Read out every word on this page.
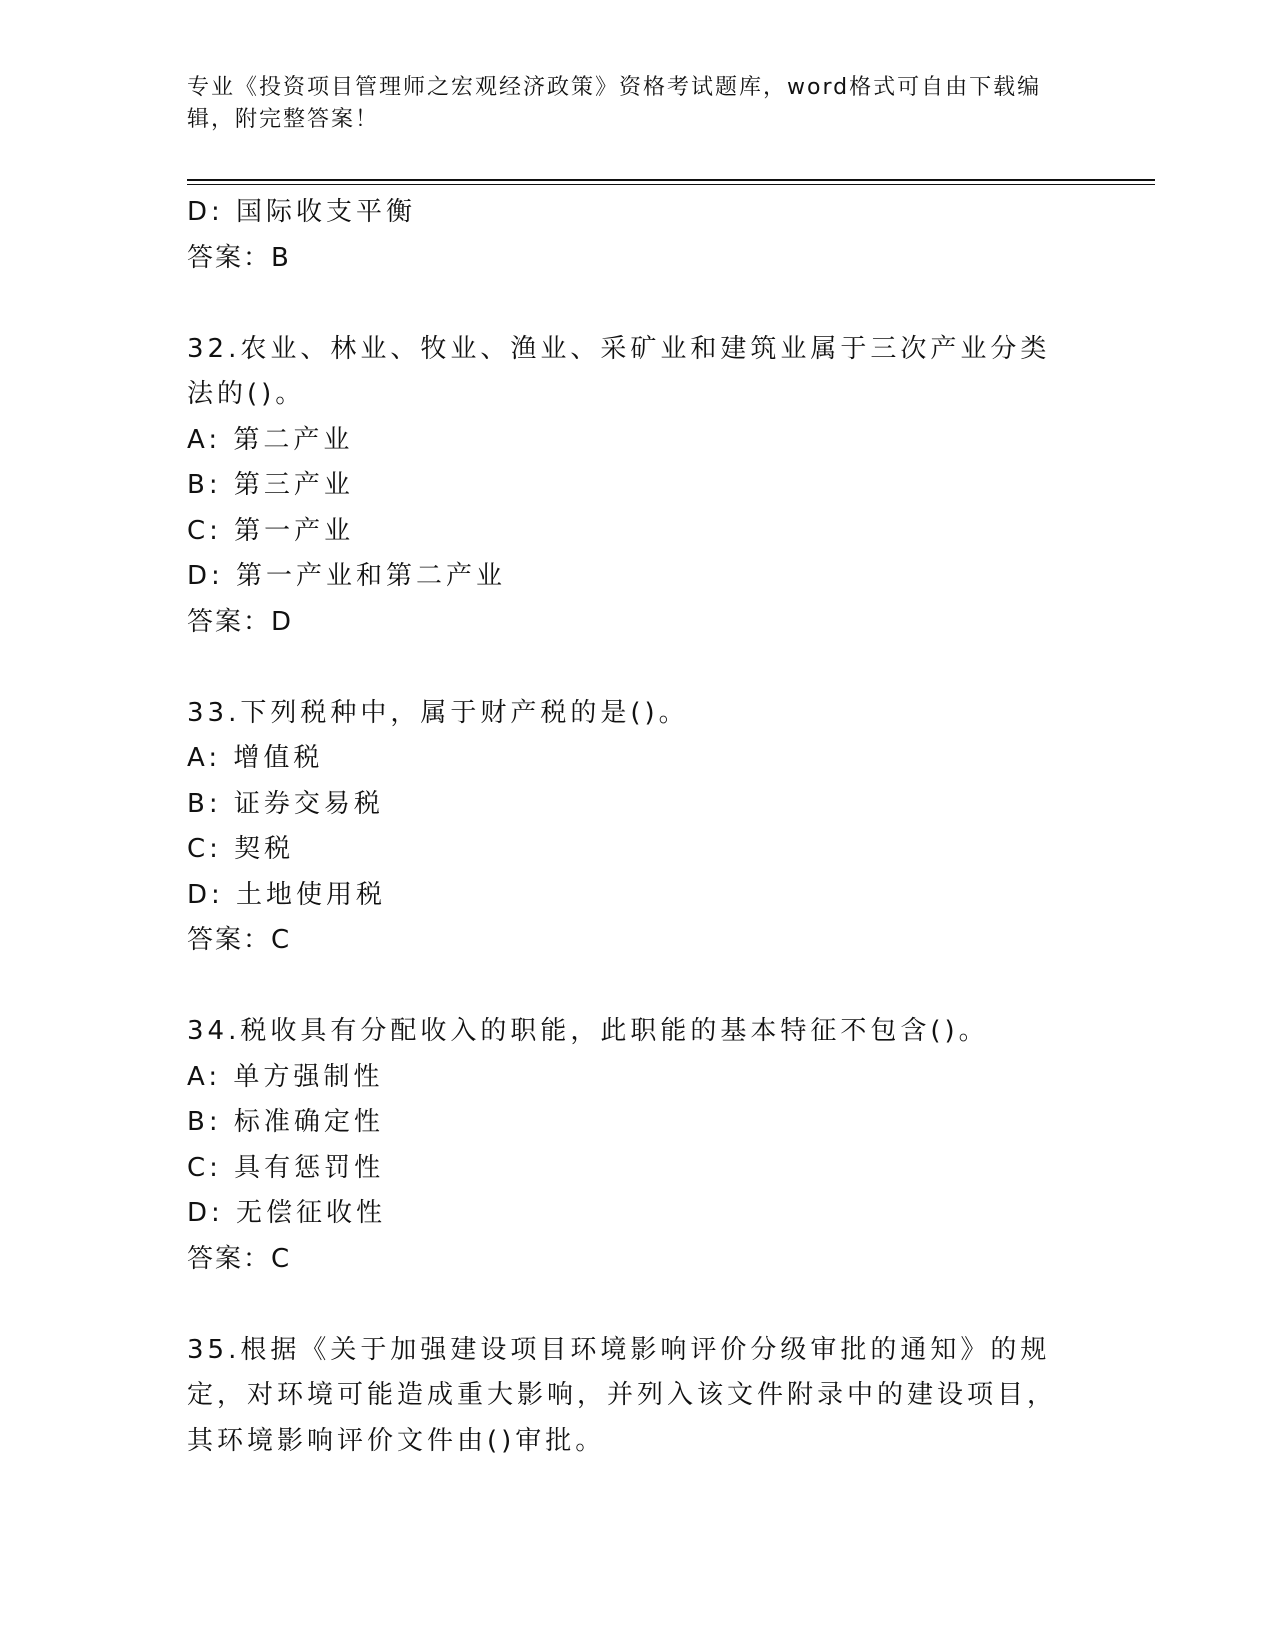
专业《投资项目管理师之宏观经济政策》资格考试题库，word格式可自由下载编辑，附完整答案！
D: 国际收支平衡
答案：B
32.农业、林业、牧业、渔业、采矿业和建筑业属于三次产业分类法的()。
A: 第二产业
B: 第三产业
C: 第一产业
D: 第一产业和第二产业
答案：D
33.下列税种中，属于财产税的是()。
A: 增值税
B: 证券交易税
C: 契税
D: 土地使用税
答案：C
34.税收具有分配收入的职能，此职能的基本特征不包含()。
A: 单方强制性
B: 标准确定性
C: 具有惩罚性
D: 无偿征收性
答案：C
35.根据《关于加强建设项目环境影响评价分级审批的通知》的规定，对环境可能造成重大影响，并列入该文件附录中的建设项目，其环境影响评价文件由()审批。
